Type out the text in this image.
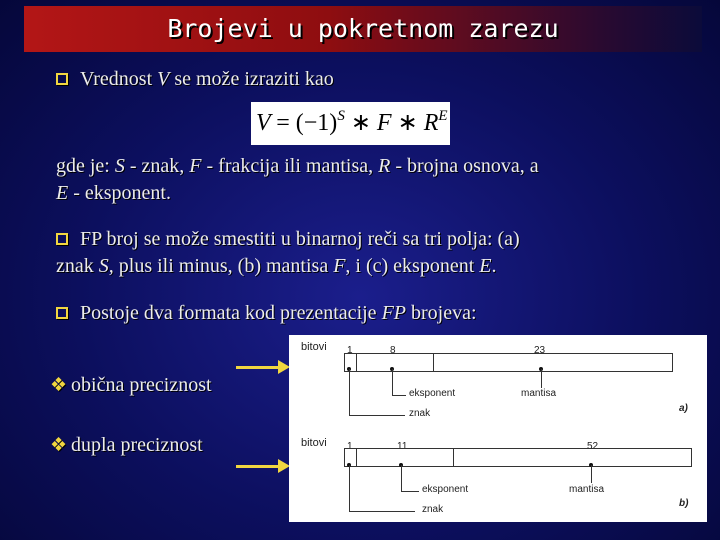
Brojevi u pokretnom zarezu
Vrednost V se može izraziti kao
$V = (-1)^S$ ∗ F ∗ $R^E$
gde je: S - znak, F - frakcija ili mantisa, R - brojna osnova, a
E - eksponent.
FP broj se može smestiti u binarnoj reči sa tri polja: (a)
znak S, plus ili minus, (b) mantisa F, i (c) eksponent E.
Postoje dva formata kod prezentacije FP brojeva:
❖ obična preciznost
❖ dupla preciznost
bitovi 1	8	23
eksponent	mantisa
znak	a)
bitovi 1	11	52
eksponent	mantisa
znak
b)
